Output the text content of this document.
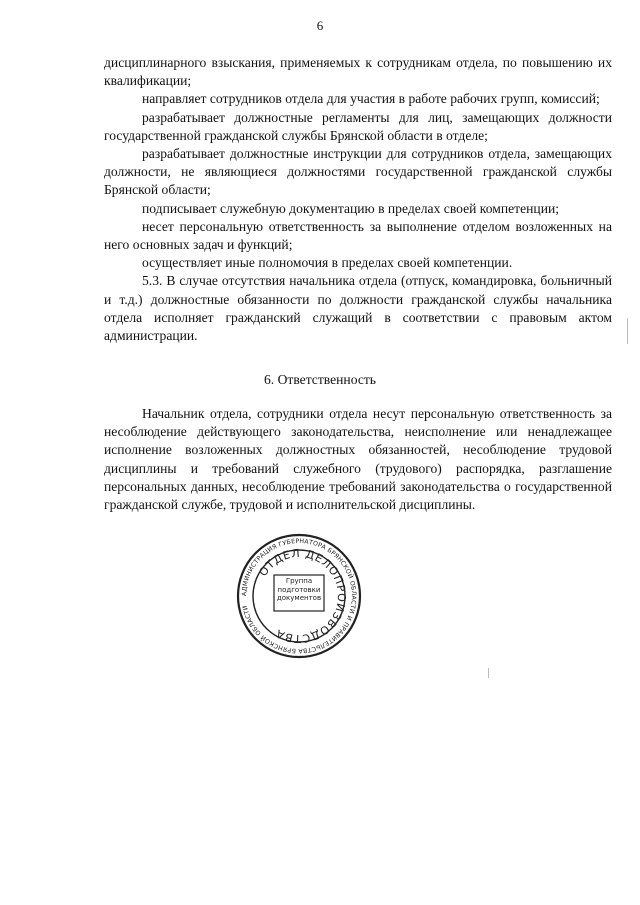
6

дисциплинарного взыскания, применяемых к сотрудникам отдела, по повышению их квалификации;

направляет сотрудников отдела для участия в работе рабочих групп, комиссий;

разрабатывает должностные регламенты для лиц, замещающих должности государственной гражданской службы Брянской области в отделе;

разрабатывает должностные инструкции для сотрудников отдела, замещающих должности, не являющиеся должностями государственной гражданской службы Брянской области;

подписывает служебную документацию в пределах своей компетенции;

несет персональную ответственность за выполнение отделом возложенных на него основных задач и функций;

осуществляет иные полномочия в пределах своей компетенции.

5.3. В случае отсутствия начальника отдела (отпуск, командировка, больничный и т.д.) должностные обязанности по должности гражданской службы начальника отдела исполняет гражданский служащий в соответствии с правовым актом администрации.

6. Ответственность

Начальник отдела, сотрудники отдела несут персональную ответственность за несоблюдение действующего законодательства, неисполнение или ненадлежащее исполнение возложенных должностных обязанностей, несоблюдение трудовой дисциплины и требований служебного (трудового) распорядка, разглашение персональных данных, несоблюдение требований законодательства о государственной гражданской службе, трудовой и исполнительской дисциплины.

АДМИНИСТРАЦИЯ ГУБЕРНАТОРА БРЯНСКОЙ ОБЛАСТИ И ПРАВИТЕЛЬСТВА БРЯНСКОЙ ОБЛАСТИ
ОТДЕЛ ДЕЛОПРОИЗВОДСТВА
Группа подготовки документов
